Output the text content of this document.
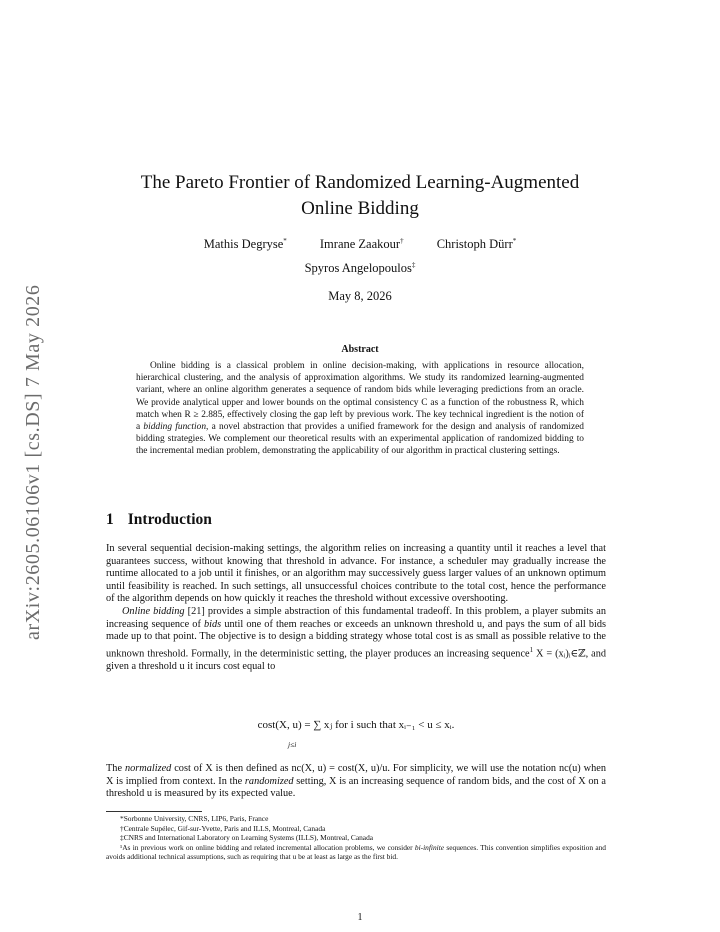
arXiv:2605.06106v1 [cs.DS] 7 May 2026
The Pareto Frontier of Randomized Learning-Augmented
Online Bidding
Mathis Degryse*	Imrane Zaakour†	Christoph Dürr*
Spyros Angelopoulos‡
May 8, 2026
Abstract
Online bidding is a classical problem in online decision-making, with applications in resource allocation, hierarchical clustering, and the analysis of approximation algorithms. We study its randomized learning-augmented variant, where an online algorithm generates a sequence of random bids while leveraging predictions from an oracle. We provide analytical upper and lower bounds on the optimal consistency C as a function of the robustness R, which match when R ≥ 2.885, effectively closing the gap left by previous work. The key technical ingredient is the notion of a bidding function, a novel abstraction that provides a unified framework for the design and analysis of randomized bidding strategies. We complement our theoretical results with an experimental application of randomized bidding to the incremental median problem, demonstrating the applicability of our algorithm in practical clustering settings.
1 Introduction

In several sequential decision-making settings, the algorithm relies on increasing a quantity until it reaches a level that guarantees success, without knowing that threshold in advance. For instance, a scheduler may gradually increase the runtime allocated to a job until it finishes, or an algorithm may successively guess larger values of an unknown optimum until feasibility is reached. In such settings, all unsuccessful choices contribute to the total cost, hence the performance of the algorithm depends on how quickly it reaches the threshold without excessive overshooting.

Online bidding [21] provides a simple abstraction of this fundamental tradeoff. In this problem, a player submits an increasing sequence of bids until one of them reaches or exceeds an unknown threshold u, and pays the sum of all bids made up to that point. The objective is to design a bidding strategy whose total cost is as small as possible relative to the unknown threshold. Formally, in the deterministic setting, the player produces an increasing sequence$^1$ X = (xᵢ)ᵢ∈ℤ, and given a threshold u it incurs cost equal to

cost(X, u) = ∑ xⱼ for i such that xᵢ₋₁ < u ≤ xᵢ.
j≤i

The normalized cost of X is then defined as nc(X, u) = cost(X, u)/u. For simplicity, we will use the notation nc(u) when X is implied from context. In the randomized setting, X is an increasing sequence of random bids, and the cost of X on a threshold u is measured by its expected value.

*Sorbonne University, CNRS, LIP6, Paris, France
†Centrale Supélec, Gif-sur-Yvette, Paris and ILLS, Montreal, Canada
‡CNRS and International Laboratory on Learning Systems (ILLS), Montreal, Canada
¹As in previous work on online bidding and related incremental allocation problems, we consider bi-infinite sequences. This convention simplifies exposition and avoids additional technical assumptions, such as requiring that u be at least as large as the first bid.
1
